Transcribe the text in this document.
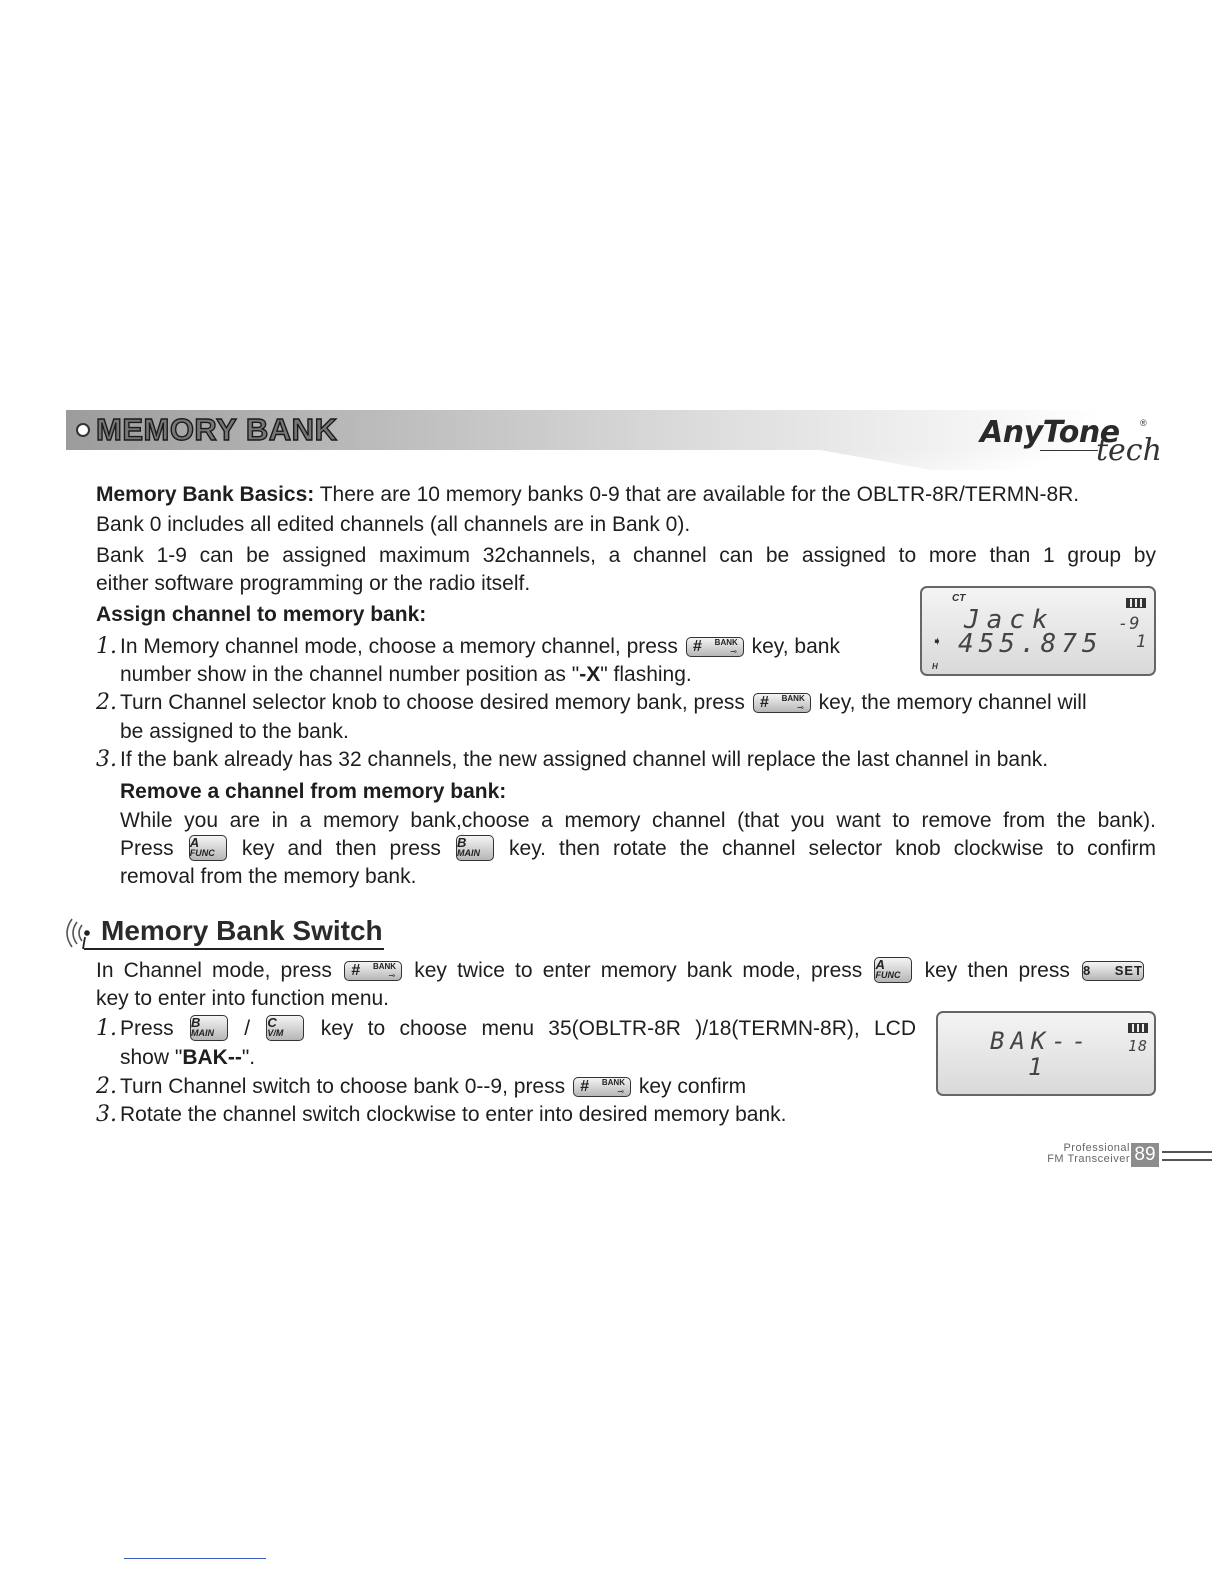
MEMORY BANK	AnyTone ®
tech

Memory Bank Basics: There are 10 memory banks 0-9 that are available for the OBLTR-8R/TERMN-8R.

Bank 0 includes all edited channels (all channels are in Bank 0).

Bank 1-9 can be assigned maximum 32channels, a channel can be assigned to more than 1 group by

either software programming or the radio itself.

Assign channel to memory bank:

1. In Memory channel mode, choose a memory channel, press # BANK
⊸ key, bank

number show in the channel number position as "-X" flashing.

2. Turn Channel selector knob to choose desired memory bank, press # BANK
⊸ key, the memory channel will

be assigned to the bank.

3. If the bank already has 32 channels, the new assigned channel will replace the last channel in bank.

Remove a channel from memory bank:

While you are in a memory bank,choose a memory channel (that you want to remove from the bank).

Press A
FUNC	key and then press B
MAIN	key. then rotate the channel selector knob clockwise to confirm

removal from the memory bank.

CT
Jack
455.875
➧
-9
1
H
Memory Bank Switch

In Channel mode, press # BANK
⊸ key twice to enter memory bank mode, press A
FUNC	key then press 8 SET

key to enter into function menu.

1. Press B
MAIN	/ C
V/M	key to choose menu 35(OBLTR-8R )/18(TERMN-8R), LCD

show "BAK--".

2. Turn Channel switch to choose bank 0--9, press # BANK
⊸ key confirm

3. Rotate the channel switch clockwise to enter into desired memory bank.

BAK--
1
18
Professional
FM Transceiver 89
